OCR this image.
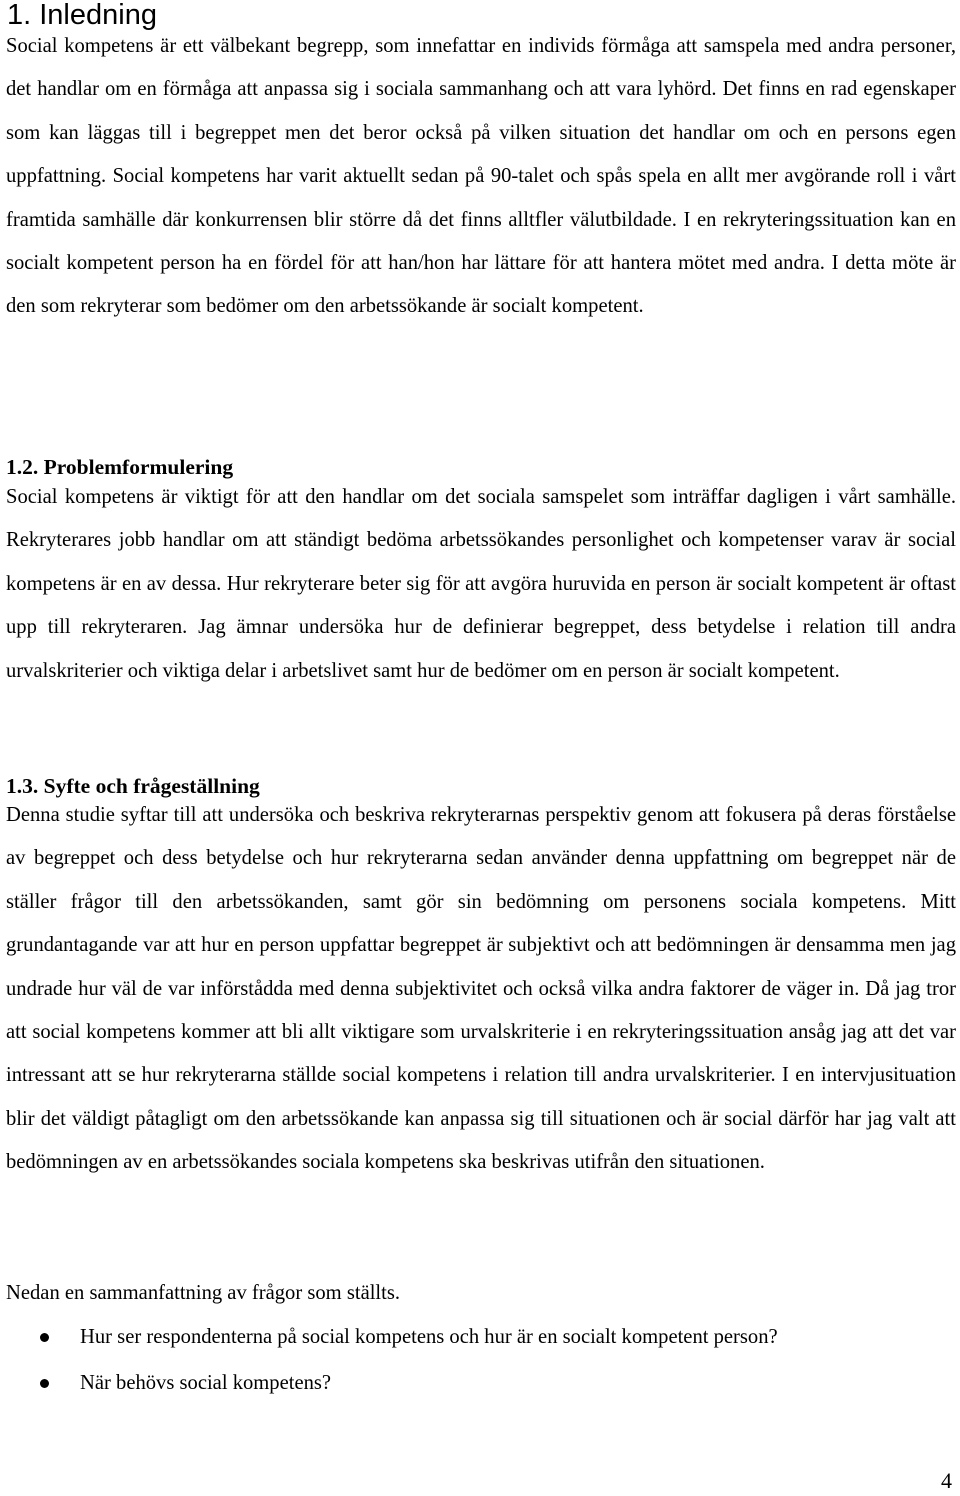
1. Inledning

Social kompetens är ett välbekant begrepp, som innefattar en individs förmåga att samspela med andra personer, det handlar om en förmåga att anpassa sig i sociala sammanhang och att vara lyhörd. Det finns en rad egenskaper som kan läggas till i begreppet men det beror också på vilken situation det handlar om och en persons egen uppfattning. Social kompetens har varit aktuellt sedan på 90-talet och spås spela en allt mer avgörande roll i vårt framtida samhälle där konkurrensen blir större då det finns alltfler välutbildade. I en rekryteringssituation kan en socialt kompetent person ha en fördel för att han/hon har lättare för att hantera mötet med andra. I detta möte är den som rekryterar som bedömer om den arbetssökande är socialt kompetent.

1.2. Problemformulering

Social kompetens är viktigt för att den handlar om det sociala samspelet som inträffar dagligen i vårt samhälle. Rekryterares jobb handlar om att ständigt bedöma arbetssökandes personlighet och kompetenser varav är social kompetens är en av dessa. Hur rekryterare beter sig för att avgöra huruvida en person är socialt kompetent är oftast upp till rekryteraren. Jag ämnar undersöka hur de definierar begreppet, dess betydelse i relation till andra urvalskriterier och viktiga delar i arbetslivet samt hur de bedömer om en person är socialt kompetent.

1.3. Syfte och frågeställning

Denna studie syftar till att undersöka och beskriva rekryterarnas perspektiv genom att fokusera på deras förståelse av begreppet och dess betydelse och hur rekryterarna sedan använder denna uppfattning om begreppet när de ställer frågor till den arbetssökanden, samt gör sin bedömning om personens sociala kompetens. Mitt grundantagande var att hur en person uppfattar begreppet är subjektivt och att bedömningen är densamma men jag undrade hur väl de var införstådda med denna subjektivitet och också vilka andra faktorer de väger in. Då jag tror att social kompetens kommer att bli allt viktigare som urvalskriterie i en rekryteringssituation ansåg jag att det var intressant att se hur rekryterarna ställde social kompetens i relation till andra urvalskriterier. I en intervjusituation blir det väldigt påtagligt om den arbetssökande kan anpassa sig till situationen och är social därför har jag valt att bedömningen av en arbetssökandes sociala kompetens ska beskrivas utifrån den situationen.

Nedan en sammanfattning av frågor som ställts.

Hur ser respondenterna på social kompetens och hur är en socialt kompetent person?
När behövs social kompetens?
4
